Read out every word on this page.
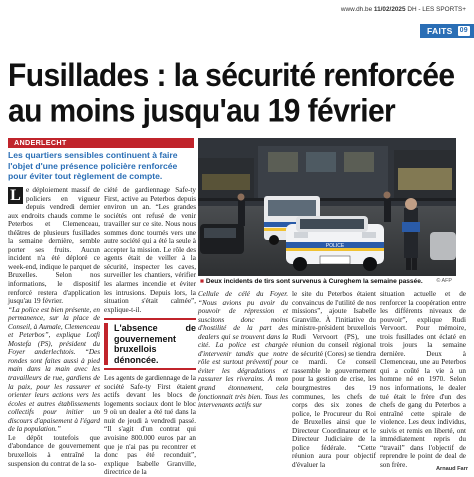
www.dh.be 11/02/2025 DH - LES SPORTS+
FAITS 09
Fusillades : la sécurité renforcée au moins jusqu'au 19 février
ANDERLECHT
Les quartiers sensibles continuent à faire l'objet d'une présence policière renforcée pour éviter tout règlement de compte.
POLICE
■ Deux incidents de tirs sont survenus à Cureghem la semaine passée.	© AFP
L e déploiement massif de policiers en vigueur depuis vendredi dernier aux endroits chauds comme le Peterbos et Clemenceau, théâtres de plusieurs fusillades la semaine dernière, semble porter ses fruits. Aucun incident n'a été déploré ce week-end, indique le parquet de Bruxelles. Selon nos informations, le dispositif renforcé restera d'application jusqu'au 19 février.

“La police est bien présente, en permanence, sur la place de Conseil, à Aumale, Clemenceau et Peterbos”, explique Lotfi Mostefa (PS), président du Foyer anderlechtois. “Des rondes sont faites aussi à pied main dans la main avec les travailleurs de rue, gardiens de la paix, pour les rassurer et orienter leurs actions vers les écoles et autres établissements collectifs pour initier un discours d'apaisement à l'égard de la population.”

Le dépôt toutefois que d'abondance de gouvernement bruxellois à entraîné la suspension du contrat de la so-

ciété de gardiennage Safe-ty First, active au Peterbos depuis environ un an. “Les grandes sociétés ont refusé de venir travailler sur ce site. Nous nous sommes donc tournés vers une autre société qui a été la seule à accepter la mission. Le rôle des agents était de veiller à la sécurité, inspecter les caves, surveiller les chantiers, vérifier les alarmes incendie et éviter les intrusions. Depuis lors, la situation s'était calmée”, explique-t-il.

L'absence de gouvernement bruxellois dénoncée.

Les agents de gardiennage de la société Safe-ty First étaient actifs devant les blocs de logements sociaux dont le bloc 9 où un dealer a été tué dans la nuit de jeudi à vendredi passé. “Il s'agit d'un contrat qui avoisine 800.000 euros par an que je n'ai pas pu recontrer et donc pas été reconduit”, explique Isabelle Granville, directrice de la

Cellule de célé du Foyer. “Nous avions pu avoir du pouvoir de répression et suscitons donc moins d'hostilité de la part des dealers qui se trouvent dans la cité. La police est chargée d'intervenir tandis que notre rôle est surtout préventif pour éviter les dégradations et rassurer les riverains. À mon grand étonnement, cela fonctionnait très bien. Tous les intervenants actifs sur

le site du Peterbos étaient convaincus de l'utilité de nos missions”, ajoute Isabelle Granville. À l'initiative du ministre-président bruxellois Rudi Vervoort (PS), une réunion du conseil régional de sécurité (Cores) se tiendra ce mardi. Ce conseil rassemble le gouvernement pour la gestion de crise, les bourgmestres des 19 communes, les chefs de corps des six zones de police, le Procureur du Roi de Bruxelles ainsi que le Directeur Coordinateur et le Directeur Judiciaire de la police fédérale. “Cette réunion aura pour objectif d'évaluer la

situation actuelle et de renforcer la coopération entre les différents niveaux de pouvoir”, explique Rudi Vervoort. Pour mémoire, trois fusillades ont éclaté en trois jours la semaine dernière. Deux à Clemenceau, une au Peterbos qui a coûté la vie à un homme né en 1970. Selon nos informations, le dealer tué était le frère d'un des chefs de gang du Peterbos a entraîné cette spirale de violence. Les deux individus, suivis et remis en liberté, ont immédiatement repris du “travail” dans l'objectif de reprendre le point de deal de son frère.

Arnaud Farr
